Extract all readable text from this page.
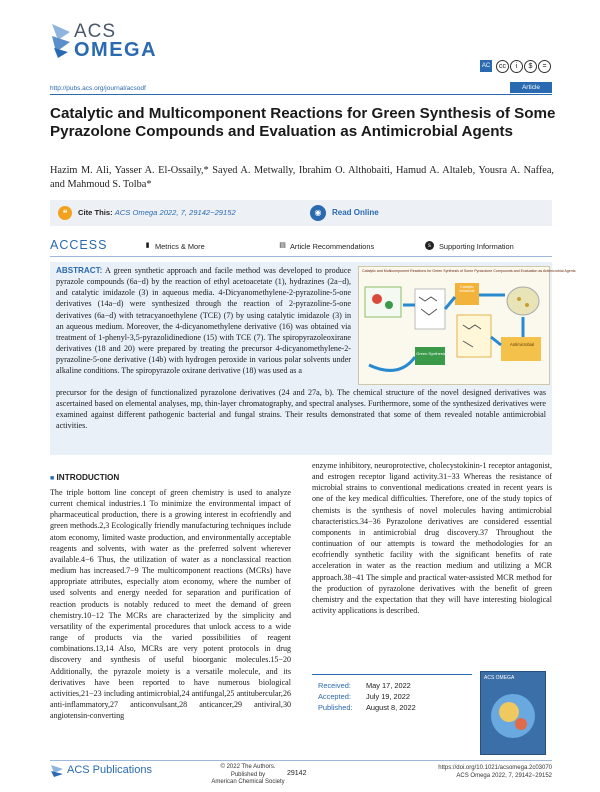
ACS
OMEGA
AC	cc	i	$	=
http://pubs.acs.org/journal/acsodf	Article
Catalytic and Multicomponent Reactions for Green Synthesis of Some Pyrazolone Compounds and Evaluation as Antimicrobial Agents
Hazim M. Ali, Yasser A. El-Ossaily,* Sayed A. Metwally, Ibrahim O. Althobaiti, Hamud A. Altaleb, Yousra A. Naffea, and Mahmoud S. Tolba*
❝	Cite This: ACS Omega 2022, 7, 29142−29152	◉	Read Online
ACCESS	▮ Metrics & More	▤ Article Recommendations	s	Supporting Information
ABSTRACT: A green synthetic approach and facile method was developed to produce pyrazole compounds (6a−d) by the reaction of ethyl acetoacetate (1), hydrazines (2a−d), and catalytic imidazole (3) in aqueous media. 4-Dicyanomethylene-2-pyrazoline-5-one derivatives (14a−d) were synthesized through the reaction of 2-pyrazoline-5-one derivatives (6a−d) with tetracyanoethylene (TCE) (7) by using catalytic imidazole (3) in an aqueous medium. Moreover, the 4-dicyanomethylene derivative (16) was obtained via treatment of 1-phenyl-3,5-pyrazolidinedione (15) with TCE (7). The spiropyrazoleoxirane derivatives (18 and 20) were prepared by treating the precursor 4-dicyanomethylene-2-pyrazoline-5-one derivative (14b) with hydrogen peroxide in various polar solvents under alkaline conditions. The spiropyrazole oxirane derivative (18) was used as a
precursor for the design of functionalized pyrazolone derivatives (24 and 27a, b). The chemical structure of the novel designed derivatives was ascertained based on elemental analyses, mp, thin-layer chromatography, and spectral analyses. Furthermore, some of the synthesized derivatives were examined against different pathogenic bacterial and fungal strains. Their results demonstrated that some of them revealed notable antimicrobial activities.
Catalytic and Multicomponent Reactions for Green Synthesis of Some Pyrazolone Compounds and Evaluation as Antimicrobial Agents
Green Synthesis
Antimicrobial
Catalytic imidazole
■ INTRODUCTION

The triple bottom line concept of green chemistry is used to analyze current chemical industries.1 To minimize the environmental impact of pharmaceutical production, there is a growing interest in ecofriendly and green methods.2,3 Ecologically friendly manufacturing techniques include atom economy, limited waste production, and environmentally acceptable reagents and solvents, with water as the preferred solvent wherever available.4−6 Thus, the utilization of water as a nonclassical reaction medium has increased.7−9 The multicomponent reactions (MCRs) have appropriate attributes, especially atom economy, where the number of used solvents and energy needed for separation and purification of reaction products is notably reduced to meet the demand of green chemistry.10−12 The MCRs are characterized by the simplicity and versatility of the experimental procedures that unlock access to a wide range of products via the varied possibilities of reagent combinations.13,14 Also, MCRs are very potent protocols in drug discovery and synthesis of useful bioorganic molecules.15−20 Additionally, the pyrazole moiety is a versatile molecule, and its derivatives have been reported to have numerous biological activities,21−23 including antimicrobial,24 antifungal,25 antitubercular,26 anti-inflammatory,27 anticonvulsant,28 anticancer,29 antiviral,30 angiotensin-converting

enzyme inhibitory, neuroprotective, cholecystokinin-1 receptor antagonist, and estrogen receptor ligand activity.31−33 Whereas the resistance of microbial strains to conventional medications created in recent years is one of the key medical difficulties. Therefore, one of the study topics of chemists is the synthesis of novel molecules having antimicrobial characteristics.34−36 Pyrazolone derivatives are considered essential components in antimicrobial drug discovery.37 Throughout the continuation of our attempts is toward the methodologies for an ecofriendly synthetic facility with the significant benefits of rate acceleration in water as the reaction medium and utilizing a MCR approach.38−41 The simple and practical water-assisted MCR method for the production of pyrazolone derivatives with the benefit of green chemistry and the expectation that they will have interesting biological activity applications is described.

Received: May 17, 2022
Accepted: July 19, 2022
Published: August 8, 2022
ACS OMEGA
ACS Publications	© 2022 The Authors. Published by
American Chemical Society
29142
https://doi.org/10.1021/acsomega.2c03070
ACS Omega 2022, 7, 29142−29152
